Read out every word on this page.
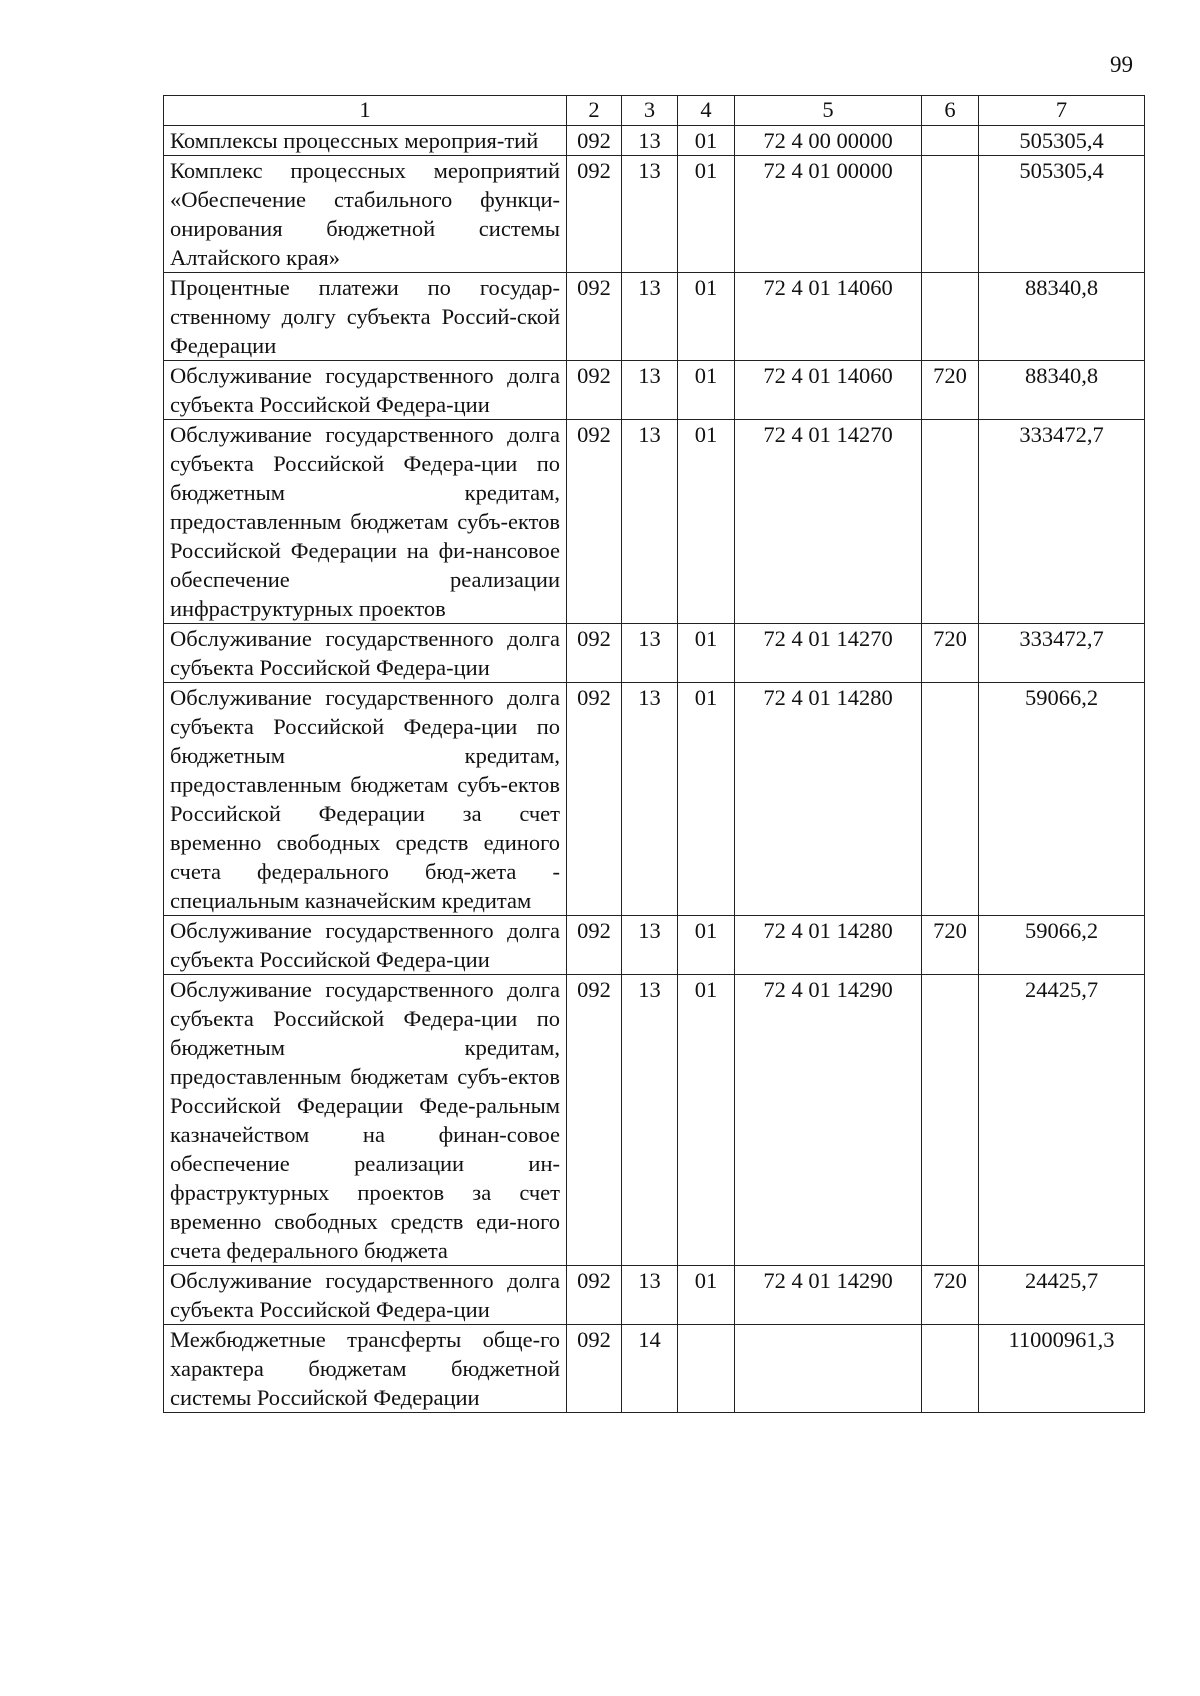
99
1	2	3	4	5	6	7
Комплексы процессных мероприя-тий	092	13	01	72 4 00 00000		505305,4
Комплекс процессных мероприятий «Обеспечение стабильного функци-онирования бюджетной системы Алтайского края»	092	13	01	72 4 01 00000		505305,4
Процентные платежи по государ-ственному долгу субъекта Россий-ской Федерации	092	13	01	72 4 01 14060		88340,8
Обслуживание государственного долга субъекта Российской Федера-ции	092	13	01	72 4 01 14060	720	88340,8
Обслуживание государственного долга субъекта Российской Федера-ции по бюджетным кредитам, предоставленным бюджетам субъ-ектов Российской Федерации на фи-нансовое обеспечение реализации инфраструктурных проектов	092	13	01	72 4 01 14270		333472,7
Обслуживание государственного долга субъекта Российской Федера-ции	092	13	01	72 4 01 14270	720	333472,7
Обслуживание государственного долга субъекта Российской Федера-ции по бюджетным кредитам, предоставленным бюджетам субъ-ектов Российской Федерации за счет временно свободных средств единого счета федерального бюд-жета - специальным казначейским кредитам	092	13	01	72 4 01 14280		59066,2
Обслуживание государственного долга субъекта Российской Федера-ции	092	13	01	72 4 01 14280	720	59066,2
Обслуживание государственного долга субъекта Российской Федера-ции по бюджетным кредитам, предоставленным бюджетам субъ-ектов Российской Федерации Феде-ральным казначейством на финан-совое обеспечение реализации ин-фраструктурных проектов за счет временно свободных средств еди-ного счета федерального бюджета	092	13	01	72 4 01 14290		24425,7
Обслуживание государственного долга субъекта Российской Федера-ции	092	13	01	72 4 01 14290	720	24425,7
Межбюджетные трансферты обще-го характера бюджетам бюджетной системы Российской Федерации	092	14				11000961,3
